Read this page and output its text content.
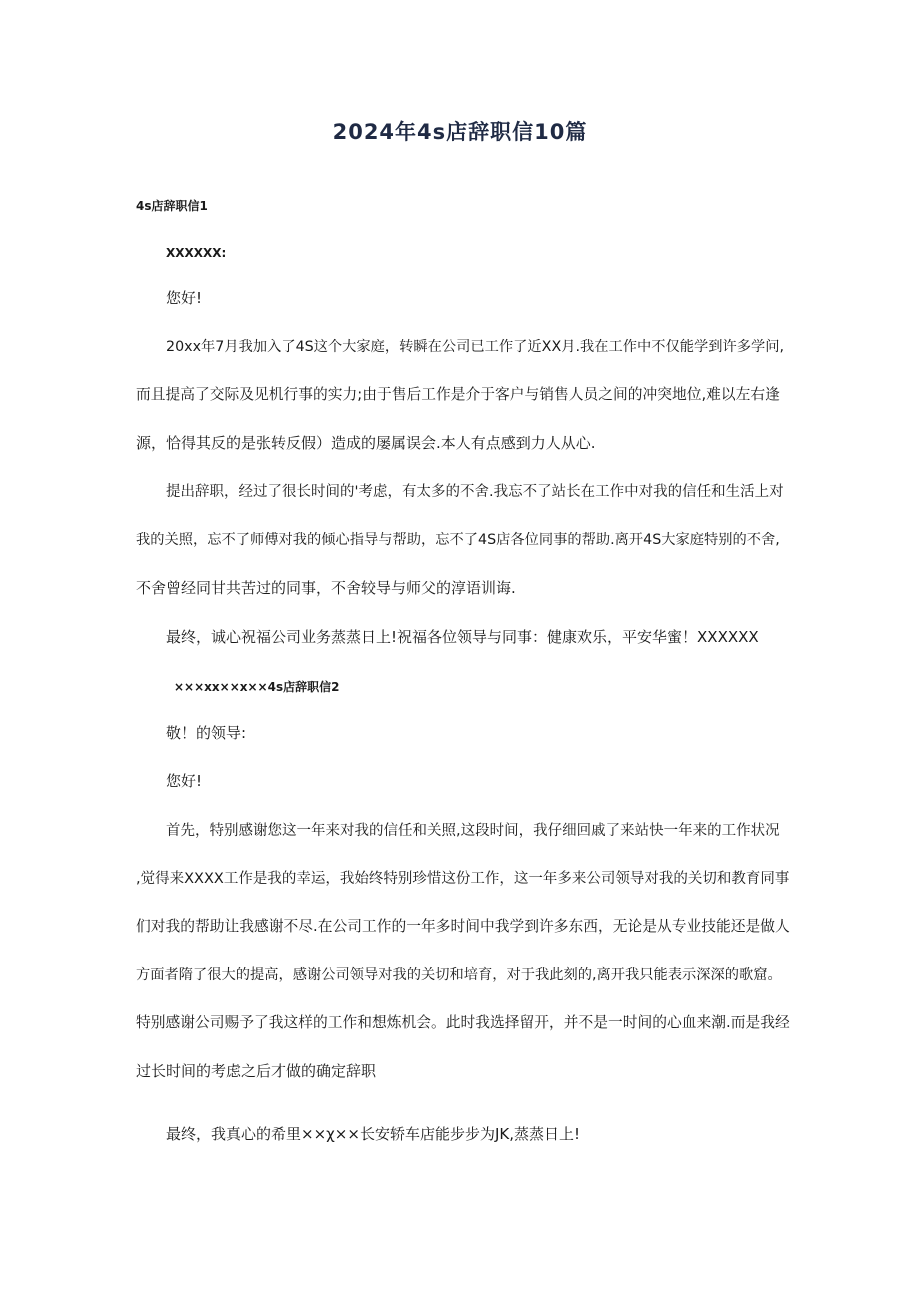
2024年4s店辞职信10篇
4s店辞职信1
XXXXXX:
您好!
20xx年7月我加入了4S这个大家庭，转瞬在公司已工作了近XX月.我在工作中不仅能学到许多学问,
而且提高了交际及见机行事的实力;由于售后工作是介于客户与销售人员之间的冲突地位,难以左右逢
源，恰得其反的是张转反假）造成的屡属误会.本人有点感到力人从心.
提出辞职，经过了很长时间的'考虑，有太多的不舍.我忘不了站长在工作中对我的信任和生活上对
我的关照，忘不了师傅对我的倾心指导与帮助，忘不了4S店各位同事的帮助.离开4S大家庭特别的不舍,
不舍曾经同甘共苦过的同事，不舍较导与师父的淳语训诲.
最终，诚心祝福公司业务蒸蒸日上!祝福各位领导与同事：健康欢乐，平安华蜜！XXXXXX
×××xx××x××4s店辞职信2
敬！的领导:
您好!
首先，特别感谢您这一年来对我的信任和关照,这段时间，我仔细回戚了来站快一年来的工作状况
,觉得来XXXX工作是我的幸运，我始终特别珍惜这份工作，这一年多来公司领导对我的关切和教育同事
们对我的帮助让我感谢不尽.在公司工作的一年多时间中我学到许多东西，无论是从专业技能还是做人
方面者隋了很大的提高，感谢公司领导对我的关切和培育，对于我此刻的,离开我只能表示深深的歌窟。
特别感谢公司赐予了我这样的工作和想炼机会。此时我选择留开，并不是一时间的心血来潮.而是我经
过长时间的考虑之后才做的确定辞职
最终，我真心的希里××χ××长安轿车店能步步为JK,蒸蒸日上!
